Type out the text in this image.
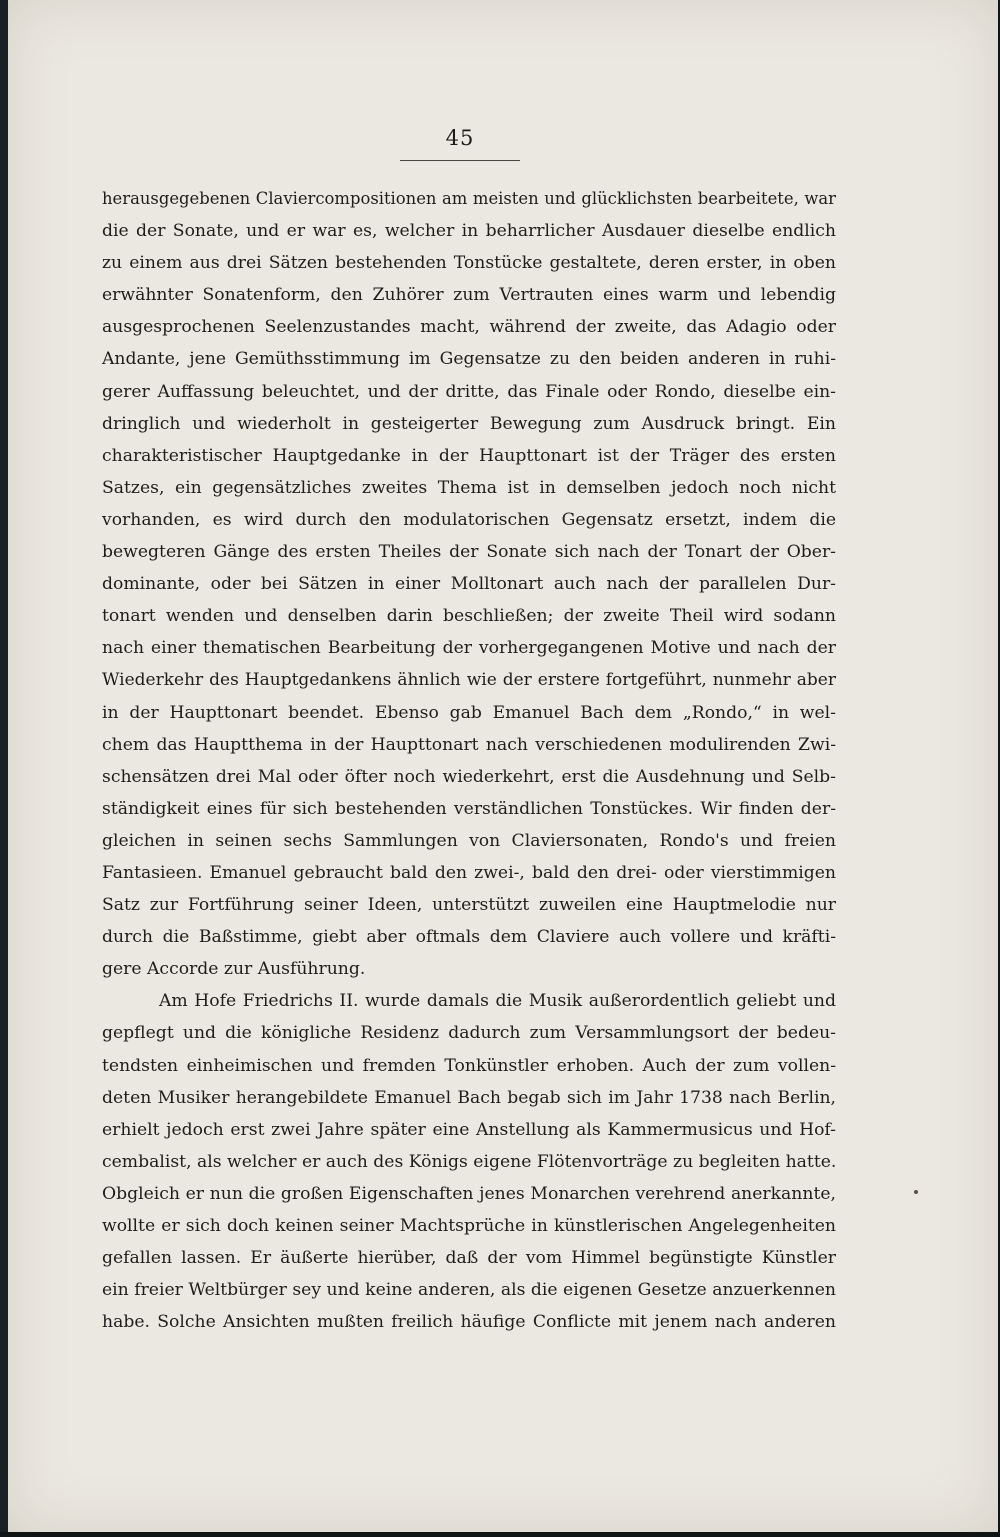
45
herausgegebenen Claviercompositionen am meisten und glücklichsten bearbeitete, war
die der Sonate, und er war es, welcher in beharrlicher Ausdauer dieselbe endlich
zu einem aus drei Sätzen bestehenden Tonstücke gestaltete, deren erster, in oben
erwähnter Sonatenform, den Zuhörer zum Vertrauten eines warm und lebendig
ausgesprochenen Seelenzustandes macht, während der zweite, das Adagio oder
Andante, jene Gemüthsstimmung im Gegensatze zu den beiden anderen in ruhi-
gerer Auffassung beleuchtet, und der dritte, das Finale oder Rondo, dieselbe ein-
dringlich und wiederholt in gesteigerter Bewegung zum Ausdruck bringt. Ein
charakteristischer Hauptgedanke in der Haupttonart ist der Träger des ersten
Satzes, ein gegensätzliches zweites Thema ist in demselben jedoch noch nicht
vorhanden, es wird durch den modulatorischen Gegensatz ersetzt, indem die
bewegteren Gänge des ersten Theiles der Sonate sich nach der Tonart der Ober-
dominante, oder bei Sätzen in einer Molltonart auch nach der parallelen Dur-
tonart wenden und denselben darin beschließen; der zweite Theil wird sodann
nach einer thematischen Bearbeitung der vorhergegangenen Motive und nach der
Wiederkehr des Hauptgedankens ähnlich wie der erstere fortgeführt, nunmehr aber
in der Haupttonart beendet. Ebenso gab Emanuel Bach dem „Rondo,“ in wel-
chem das Hauptthema in der Haupttonart nach verschiedenen modulirenden Zwi-
schensätzen drei Mal oder öfter noch wiederkehrt, erst die Ausdehnung und Selb-
ständigkeit eines für sich bestehenden verständlichen Tonstückes. Wir finden der-
gleichen in seinen sechs Sammlungen von Claviersonaten, Rondo's und freien
Fantasieen. Emanuel gebraucht bald den zwei-, bald den drei- oder vierstimmigen
Satz zur Fortführung seiner Ideen, unterstützt zuweilen eine Hauptmelodie nur
durch die Baßstimme, giebt aber oftmals dem Claviere auch vollere und kräfti-
gere Accorde zur Ausführung.
Am Hofe Friedrichs II. wurde damals die Musik außerordentlich geliebt und
gepflegt und die königliche Residenz dadurch zum Versammlungsort der bedeu-
tendsten einheimischen und fremden Tonkünstler erhoben. Auch der zum vollen-
deten Musiker herangebildete Emanuel Bach begab sich im Jahr 1738 nach Berlin,
erhielt jedoch erst zwei Jahre später eine Anstellung als Kammermusicus und Hof-
cembalist, als welcher er auch des Königs eigene Flötenvorträge zu begleiten hatte.
Obgleich er nun die großen Eigenschaften jenes Monarchen verehrend anerkannte,
wollte er sich doch keinen seiner Machtsprüche in künstlerischen Angelegenheiten
gefallen lassen. Er äußerte hierüber, daß der vom Himmel begünstigte Künstler
ein freier Weltbürger sey und keine anderen, als die eigenen Gesetze anzuerkennen
habe. Solche Ansichten mußten freilich häufige Conflicte mit jenem nach anderen
